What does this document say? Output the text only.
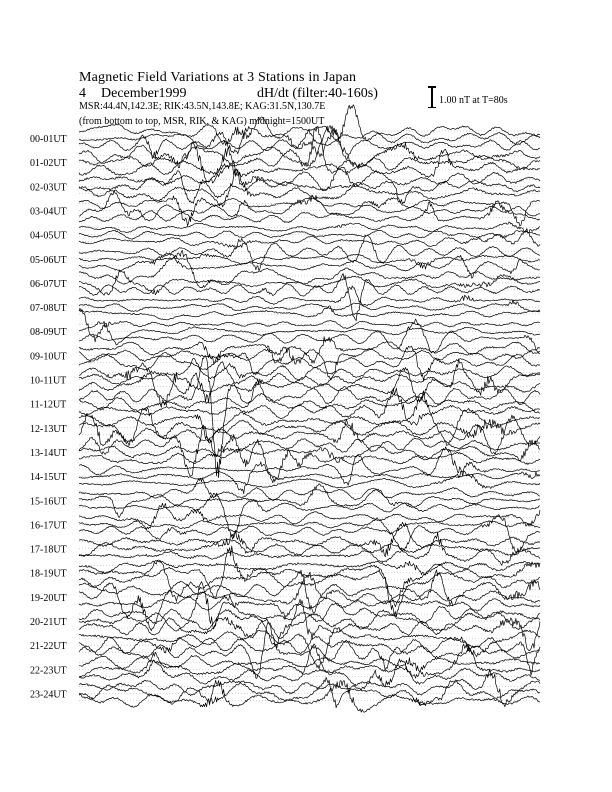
Magnetic Field Variations at 3 Stations in Japan
4 December1999	dH/dt (filter:40-160s)
MSR:44.4N,142.3E; RIK:43.5N,143.8E; KAG:31.5N,130.7E
(from bottom to top, MSR, RIK, & KAG) midnight=1500UT
1.00 nT at T=80s
00-01UT
01-02UT
02-03UT
03-04UT
04-05UT
05-06UT
06-07UT
07-08UT
08-09UT
09-10UT
10-11UT
11-12UT
12-13UT
13-14UT
14-15UT
15-16UT
16-17UT
17-18UT
18-19UT
19-20UT
20-21UT
21-22UT
22-23UT
23-24UT
